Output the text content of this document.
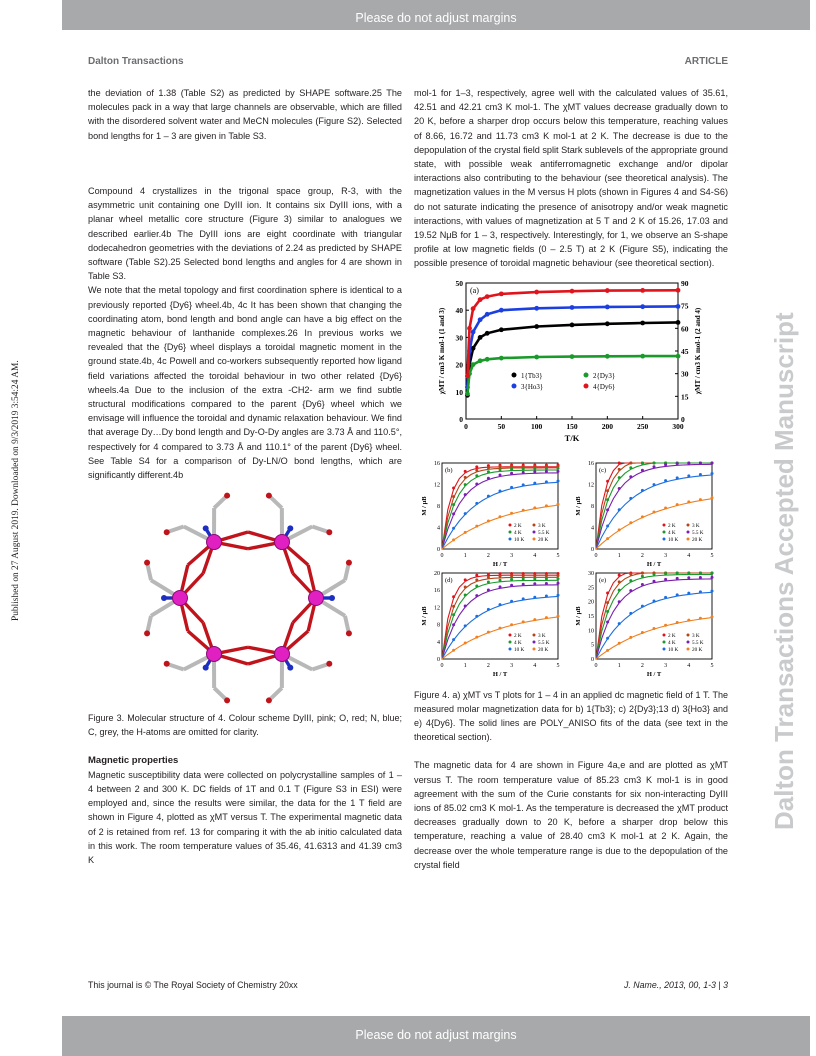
Please do not adjust margins
Dalton Transactions	ARTICLE

the deviation of 1.38 (Table S2) as predicted by SHAPE software.25 The molecules pack in a way that large channels are observable, which are filled with the disordered solvent water and MeCN molecules (Figure S2). Selected bond lengths for 1 – 3 are given in Table S3.

Compound 4 crystallizes in the trigonal space group, R-3, with the asymmetric unit containing one DyIII ion. It contains six DyIII ions, with a planar wheel metallic core structure (Figure 3) similar to analogues we described earlier.4b The DyIII ions are eight coordinate with triangular dodecahedron geometries with the deviations of 2.24 as predicted by SHAPE software (Table S2).25 Selected bond lengths and angles for 4 are shown in Table S3.

We note that the metal topology and first coordination sphere is identical to a previously reported {Dy6} wheel.4b, 4c It has been shown that changing the coordinating atom, bond length and bond angle can have a big effect on the magnetic behaviour of lanthanide complexes.26 In previous works we revealed that the {Dy6} wheel displays a toroidal magnetic moment in the ground state.4b, 4c Powell and co-workers subsequently reported how ligand field variations affected the toroidal behaviour in two other related {Dy6} wheels.4a Due to the inclusion of the extra -CH2- arm we find subtle structural modifications compared to the parent {Dy6} wheel which we envisage will influence the toroidal and dynamic relaxation behaviour. We find that average Dy…Dy bond length and Dy-O-Dy angles are 3.73 Å and 110.5°, respectively for 4 compared to 3.73 Å and 110.1° of the parent {Dy6} wheel. See Table S4 for a comparison of Dy-LN/O bond lengths, which are significantly different.4b

Figure 3. Molecular structure of 4. Colour scheme DyIII, pink; O, red; N, blue; C, grey, the H-atoms are omitted for clarity.

Magnetic properties

Magnetic susceptibility data were collected on polycrystalline samples of 1 – 4 between 2 and 300 K. DC fields of 1T and 0.1 T (Figure S3 in ESI) were employed and, since the results were similar, the data for the 1 T field are shown in Figure 4, plotted as χMT versus T. The experimental magnetic data of 2 is retained from ref. 13 for comparing it with the ab initio calculated data in this work. The room temperature values of 35.46, 41.6313 and 41.39 cm3 K

mol-1 for 1–3, respectively, agree well with the calculated values of 35.61, 42.51 and 42.21 cm3 K mol-1. The χMT values decrease gradually down to 20 K, before a sharper drop occurs below this temperature, reaching values of 8.66, 16.72 and 11.73 cm3 K mol-1 at 2 K. The decrease is due to the depopulation of the crystal field split Stark sublevels of the appropriate ground state, with possible weak antiferromagnetic exchange and/or dipolar interactions also contributing to the behaviour (see theoretical analysis). The magnetization values in the M versus H plots (shown in Figures 4 and S4-S6) do not saturate indicating the presence of anisotropy and/or weak magnetic interactions, with values of magnetization at 5 T and 2 K of 15.26, 17.03 and 19.52 NμB for 1 – 3, respectively. Interestingly, for 1, we observe an S-shape profile at low magnetic fields (0 – 2.5 T) at 2 K (Figure S5), indicating the possible presence of toroidal magnetic behaviour (see theoretical section).

(a)
0	50	100	150	200	250	300
0
10
20
30
40
50
0
15
30
45
60
75
90
T/K
χMT / cm3 K mol-1 (1 and 3)	χMT / cm3 K mol-1 (2 and 4)
1{Tb3}
3{Ho3}
2{Dy3}
4{Dy6}
(b)
0	1	2	3	4	5
0
4
8
12
16
H / T
M / μB
2 K	3 K
4 K	5.5 K
10 K	20 K
(c)
0	1	2	3	4	5
0
4
8
12
16
H / T
M / μB
2 K	3 K
4 K	5.5 K
10 K	20 K
(d)
0	1	2	3	4	5
0
4
8
12
16
20
H / T
M / μB
2 K	3 K
4 K	5.5 K
10 K	20 K
(e)
0	1	2	3	4	5
0
5
10
15
20
25
30
H / T
M / μB
2 K	3 K
4 K	5.5 K
10 K	20 K

Figure 4. a) χMT vs T plots for 1 – 4 in an applied dc magnetic field of 1 T. The measured molar magnetization data for b) 1{Tb3}; c) 2{Dy3};13 d) 3{Ho3} and e) 4{Dy6}. The solid lines are POLY_ANISO fits of the data (see text in the theoretical section).

The magnetic data for 4 are shown in Figure 4a,e and are plotted as χMT versus T. The room temperature value of 85.23 cm3 K mol-1 is in good agreement with the sum of the Curie constants for six non-interacting DyIII ions of 85.02 cm3 K mol-1. As the temperature is decreased the χMT product decreases gradually down to 20 K, before a sharper drop below this temperature, reaching a value of 28.40 cm3 K mol-1 at 2 K. Again, the decrease over the whole temperature range is due to the depopulation of the crystal field

Dalton Transactions Accepted Manuscript
Published on 27 August 2019. Downloaded on 9/3/2019 3:54:24 AM.
This journal is © The Royal Society of Chemistry 20xx	J. Name., 2013, 00, 1-3 | 3
Please do not adjust margins
